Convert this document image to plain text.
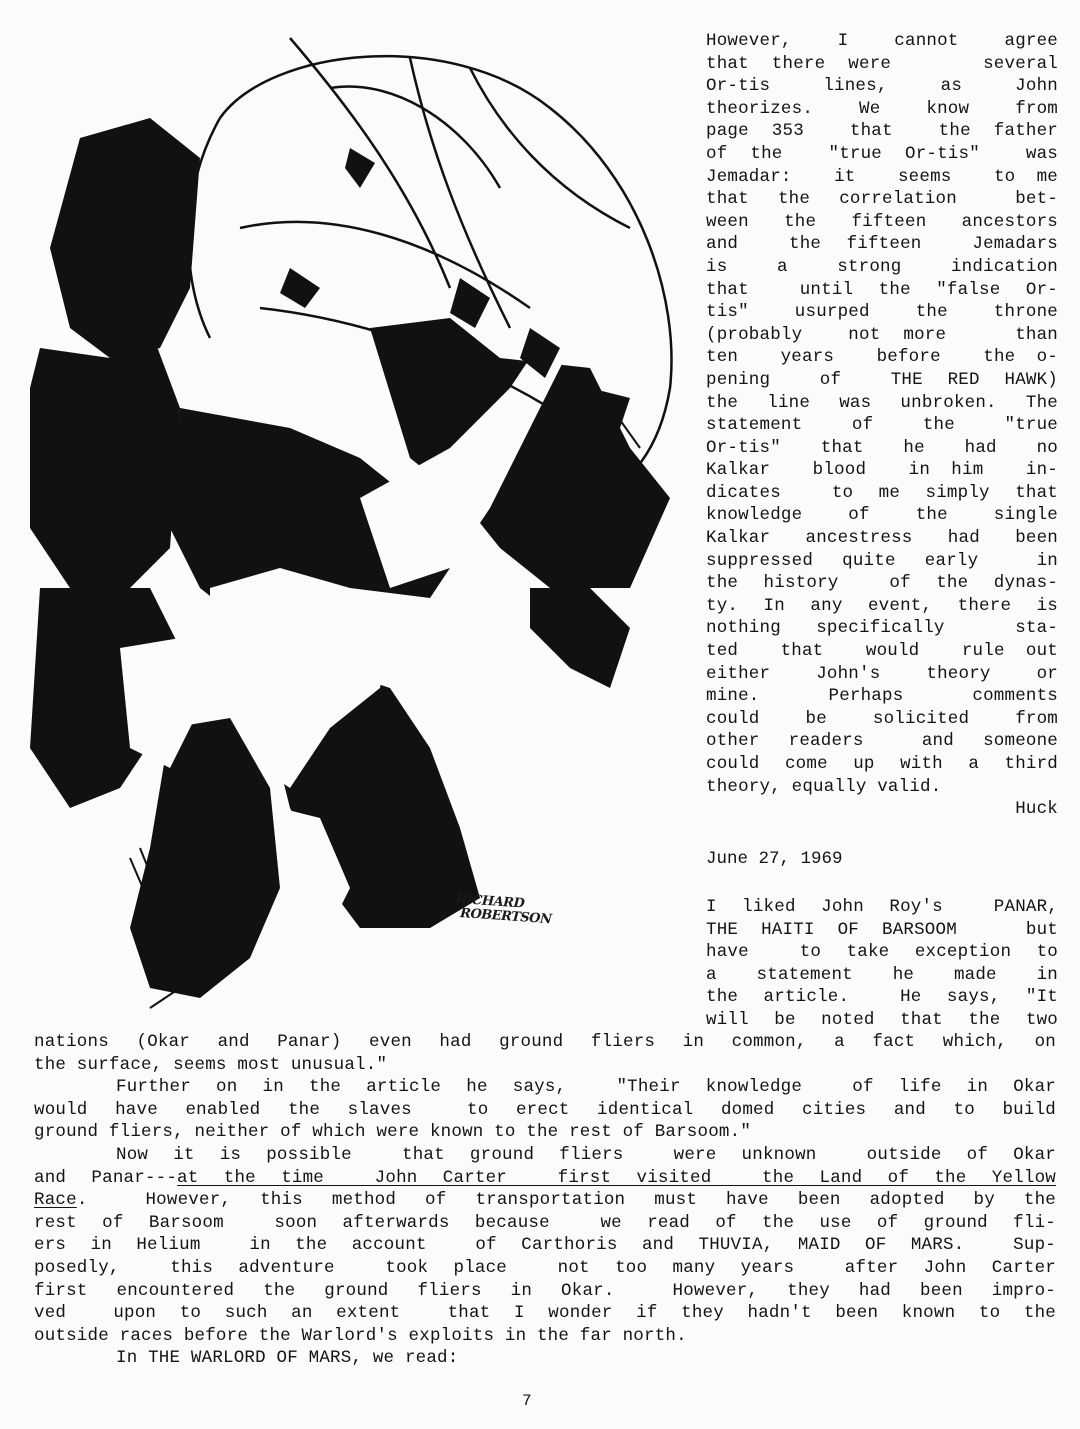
RICHARD
ROBERTSON
However,  I  cannot  agree
that there were    several
Or-tis   lines,   as   John
theorizes.  We  know  from
page 353  that  the father
of the  "true Or-tis"  was
Jemadar:  it  seems  to me
that the correlation  bet-
ween the fifteen ancestors
and  the fifteen  Jemadars
is  a  strong  indication
that  until the "false Or-
tis"  usurped  the  throne
(probably  not more   than
ten  years  before  the o-
pening  of  THE RED HAWK)
the line was unbroken. The
statement  of  the  "true
Or-tis"  that  he  had  no
Kalkar  blood  in him  in-
dicates  to me simply that
knowledge  of  the  single
Kalkar ancestress had been
suppressed quite early  in
the history  of the dynas-
ty. In any event, there is
nothing specifically  sta-
ted  that  would  rule out
either  John's  theory  or
mine.   Perhaps   comments
could  be  solicited  from
other readers  and someone
could come up with a third
theory, equally valid.
Huck
June 27, 1969
I liked John Roy's  PANAR,
THE HAITI OF BARSOOM   but
have  to take exception to
a  statement  he  made  in
the article.  He says, "It
will be noted that the two
nations (Okar and Panar) even had ground fliers in common, a fact which, on
the surface, seems most unusual."
Further on in the article he says,  "Their knowledge  of life in Okar
would have enabled the slaves  to erect identical domed cities and to build
ground fliers, neither of which were known to the rest of Barsoom."
Now it is possible  that ground fliers  were unknown  outside of Okar
and Panar---at the time  John Carter  first visited  the Land of the Yellow
Race.  However, this method of transportation must have been adopted by the
rest of Barsoom  soon afterwards because  we read of the use of ground fli-
ers in Helium  in the account  of Carthoris and THUVIA, MAID OF MARS.  Sup-
posedly,  this adventure  took place  not too many years  after John Carter
first encountered the ground fliers in Okar.  However, they had been impro-
ved  upon to such an extent  that I wonder if they hadn't been known to the
outside races before the Warlord's exploits in the far north.
In THE WARLORD OF MARS, we read:
7
